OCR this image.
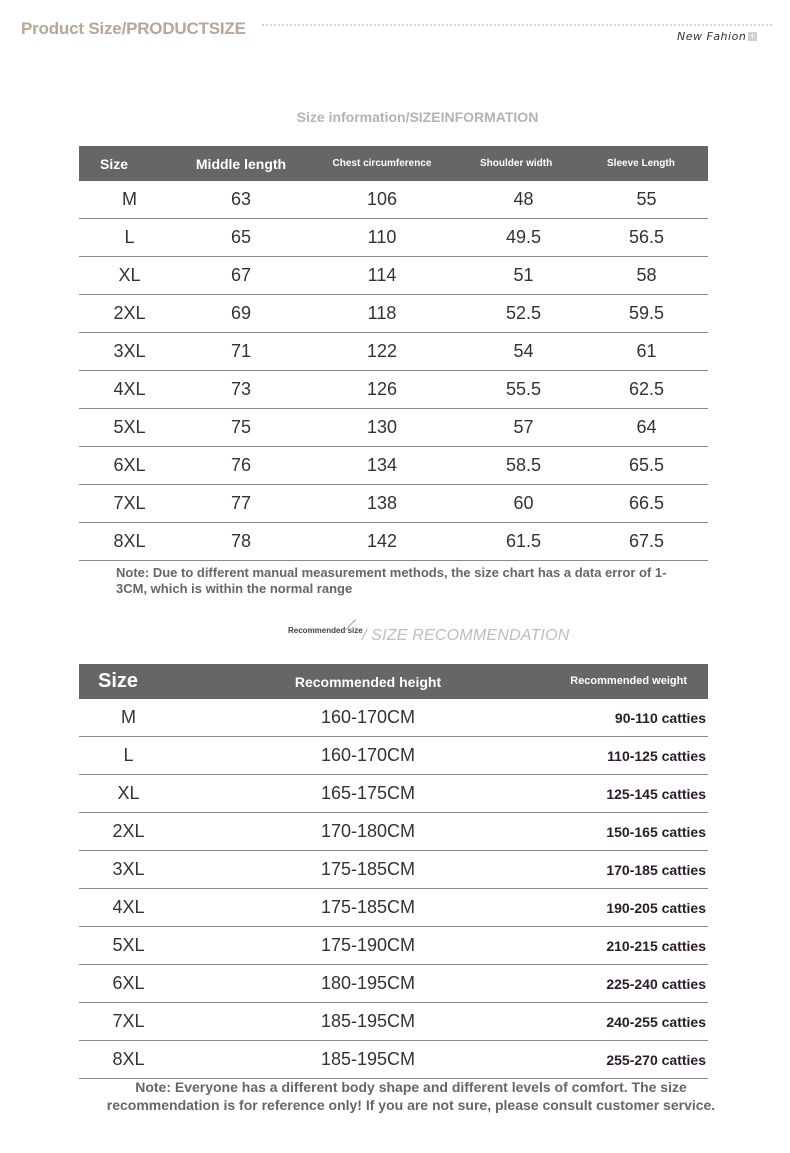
Product Size/PRODUCTSIZE	New Fahion +
Size information/SIZEINFORMATION
Size	Middle length	Chest circumference	Shoulder width	Sleeve Length
M	63	106	48	55
L	65	110	49.5	56.5
XL	67	114	51	58
2XL	69	118	52.5	59.5
3XL	71	122	54	61
4XL	73	126	55.5	62.5
5XL	75	130	57	64
6XL	76	134	58.5	65.5
7XL	77	138	60	66.5
8XL	78	142	61.5	67.5
Note: Due to different manual measurement methods, the size chart has a data error of 1-3CM, which is within the normal range
Recommended size / SIZE RECOMMENDATION
Size	Recommended height	Recommended weight
M	160-170CM	90-110 catties
L	160-170CM	110-125 catties
XL	165-175CM	125-145 catties
2XL	170-180CM	150-165 catties
3XL	175-185CM	170-185 catties
4XL	175-185CM	190-205 catties
5XL	175-190CM	210-215 catties
6XL	180-195CM	225-240 catties
7XL	185-195CM	240-255 catties
8XL	185-195CM	255-270 catties
Note: Everyone has a different body shape and different levels of comfort. The size recommendation is for reference only! If you are not sure, please consult customer service.
